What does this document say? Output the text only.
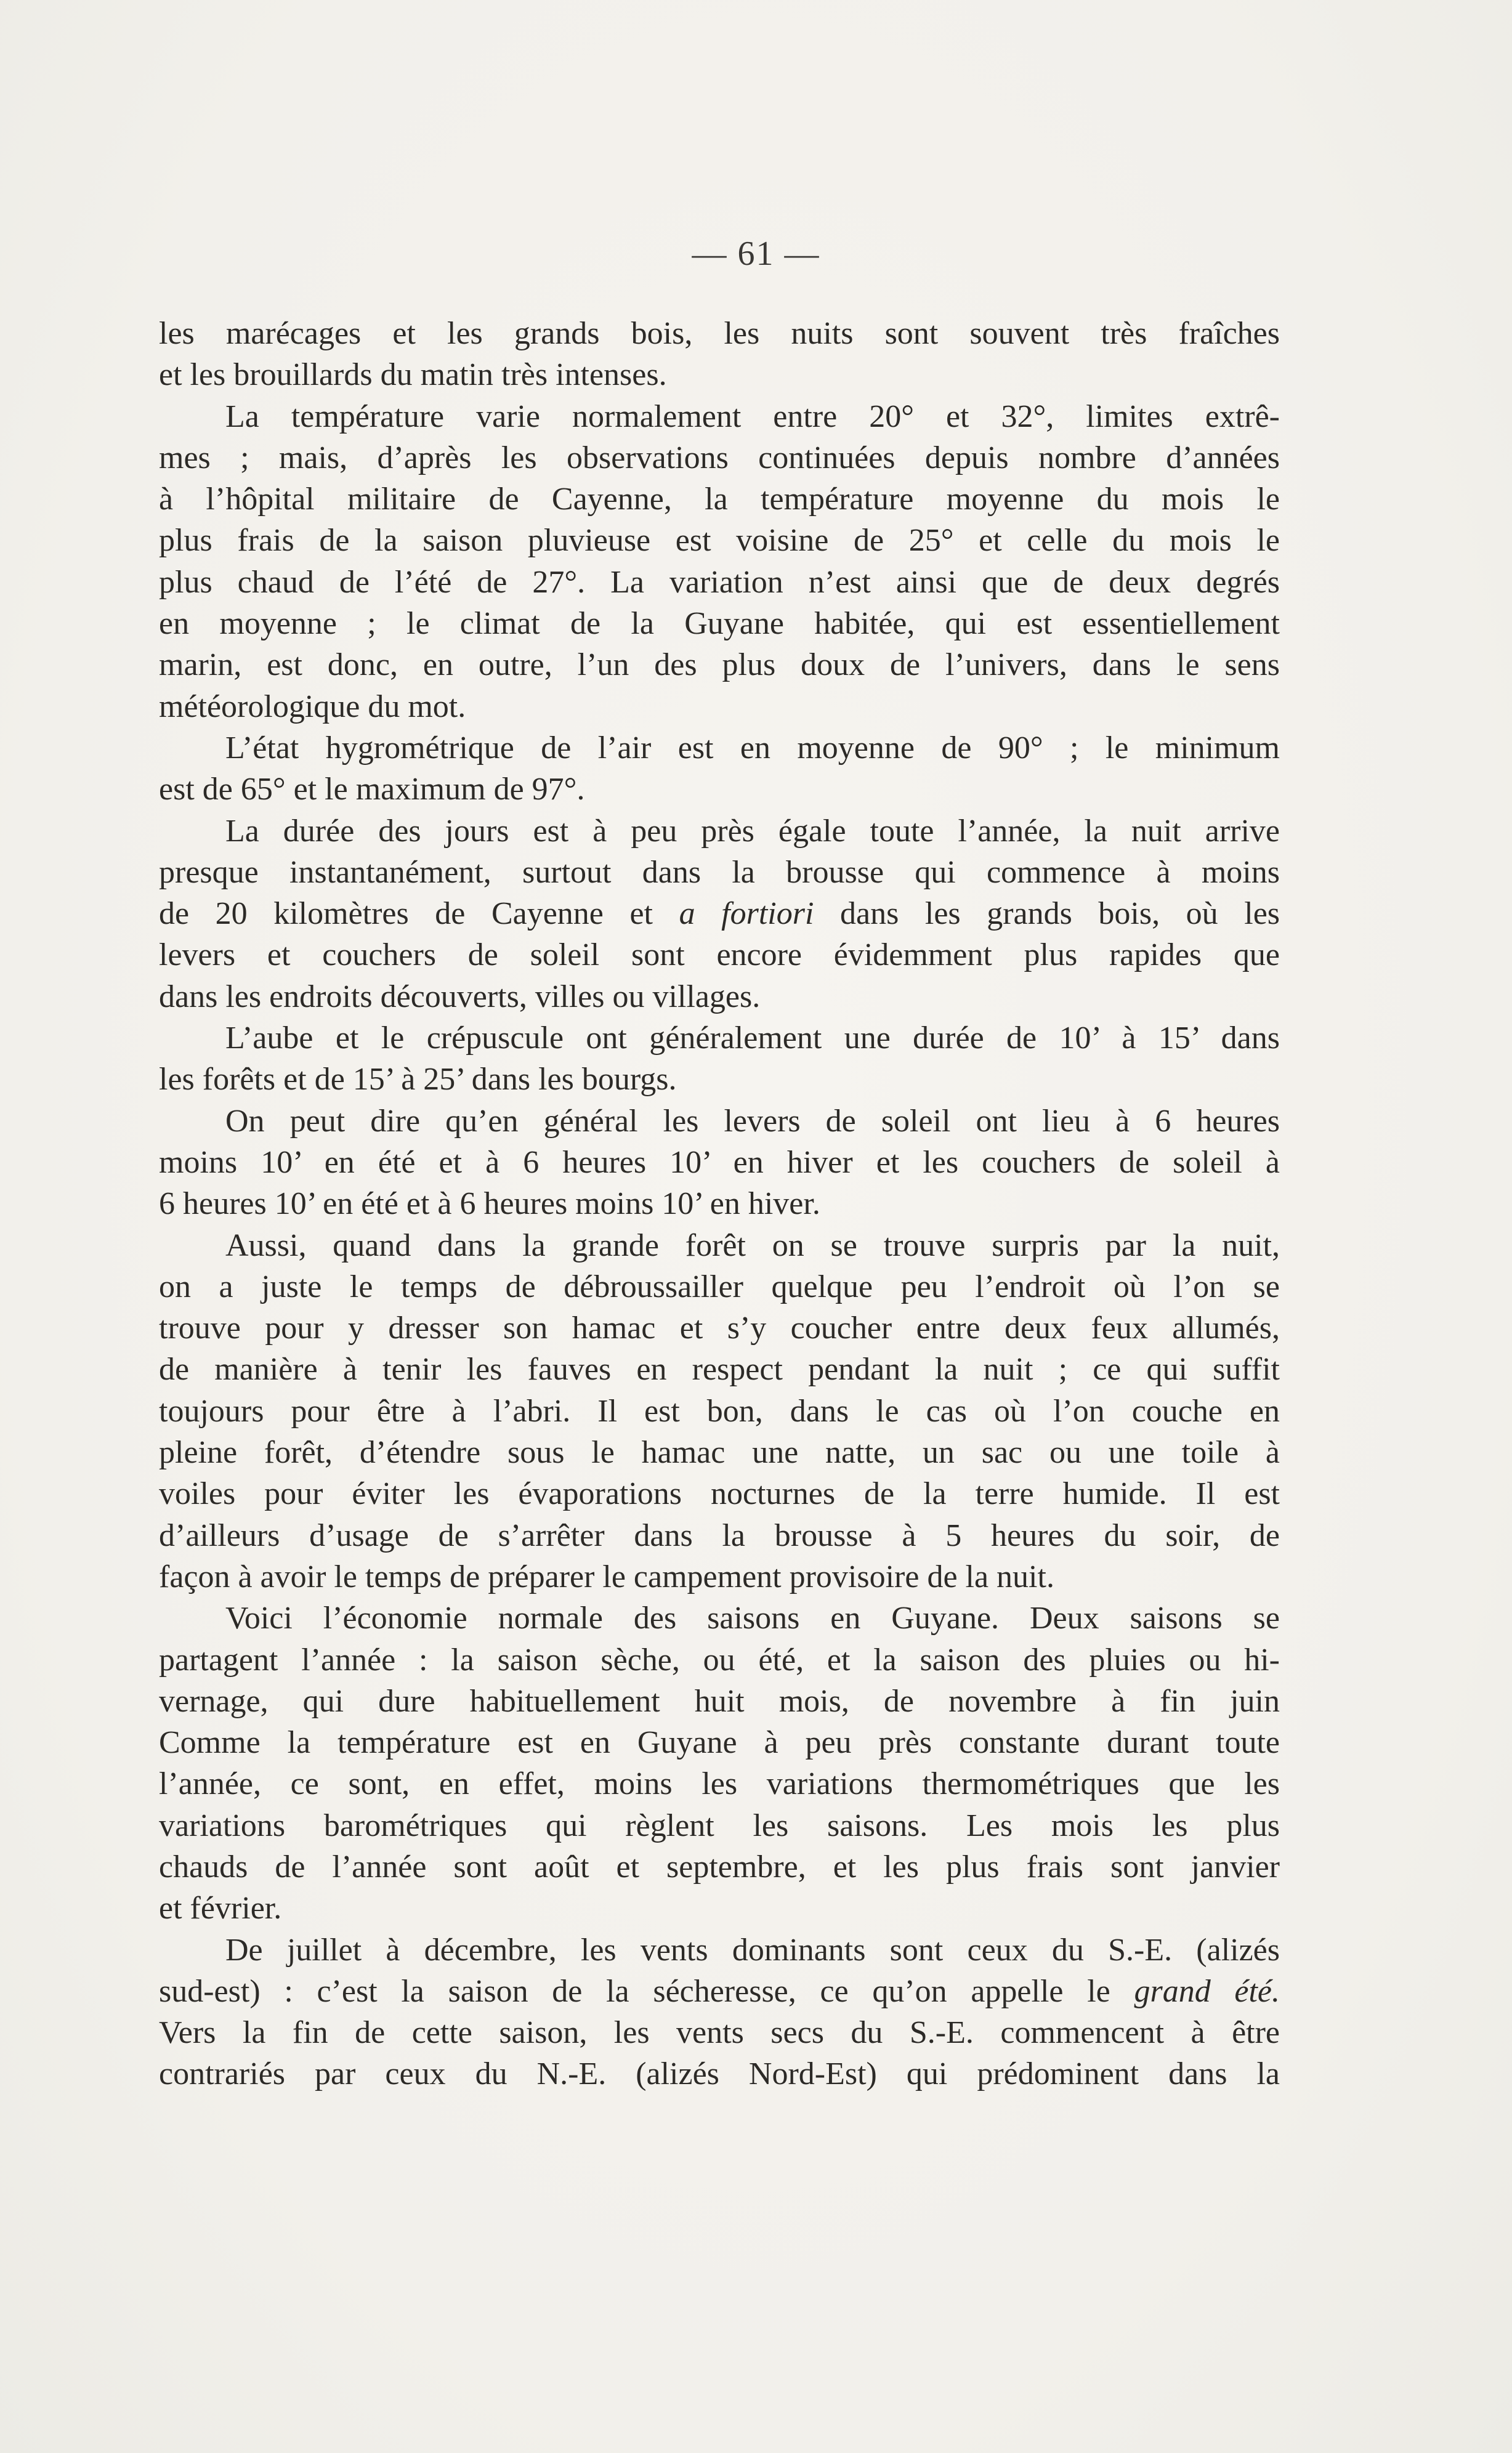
— 61 —
les marécages et les grands bois, les nuits sont souvent très fraîches
et les brouillards du matin très intenses.
La température varie normalement entre 20° et 32°, limites extrê-
mes ; mais, d’après les observations continuées depuis nombre d’années
à l’hôpital militaire de Cayenne, la température moyenne du mois le
plus frais de la saison pluvieuse est voisine de 25° et celle du mois le
plus chaud de l’été de 27°. La variation n’est ainsi que de deux degrés
en moyenne ; le climat de la Guyane habitée, qui est essentiellement
marin, est donc, en outre, l’un des plus doux de l’univers, dans le sens
météorologique du mot.
L’état hygrométrique de l’air est en moyenne de 90° ; le minimum
est de 65° et le maximum de 97°.
La durée des jours est à peu près égale toute l’année, la nuit arrive
presque instantanément, surtout dans la brousse qui commence à moins
de 20 kilomètres de Cayenne et a fortiori dans les grands bois, où les
levers et couchers de soleil sont encore évidemment plus rapides que
dans les endroits découverts, villes ou villages.
L’aube et le crépuscule ont généralement une durée de 10’ à 15’ dans
les forêts et de 15’ à 25’ dans les bourgs.
On peut dire qu’en général les levers de soleil ont lieu à 6 heures
moins 10’ en été et à 6 heures 10’ en hiver et les couchers de soleil à
6 heures 10’ en été et à 6 heures moins 10’ en hiver.
Aussi, quand dans la grande forêt on se trouve surpris par la nuit,
on a juste le temps de débroussailler quelque peu l’endroit où l’on se
trouve pour y dresser son hamac et s’y coucher entre deux feux allumés,
de manière à tenir les fauves en respect pendant la nuit ; ce qui suffit
toujours pour être à l’abri. Il est bon, dans le cas où l’on couche en
pleine forêt, d’étendre sous le hamac une natte, un sac ou une toile à
voiles pour éviter les évaporations nocturnes de la terre humide. Il est
d’ailleurs d’usage de s’arrêter dans la brousse à 5 heures du soir, de
façon à avoir le temps de préparer le campement provisoire de la nuit.
Voici l’économie normale des saisons en Guyane. Deux saisons se
partagent l’année : la saison sèche, ou été, et la saison des pluies ou hi-
vernage, qui dure habituellement huit mois, de novembre à fin juin
Comme la température est en Guyane à peu près constante durant toute
l’année, ce sont, en effet, moins les variations thermométriques que les
variations barométriques qui règlent les saisons. Les mois les plus
chauds de l’année sont août et septembre, et les plus frais sont janvier
et février.
De juillet à décembre, les vents dominants sont ceux du S.-E. (alizés
sud-est) : c’est la saison de la sécheresse, ce qu’on appelle le grand été.
Vers la fin de cette saison, les vents secs du S.-E. commencent à être
contrariés par ceux du N.-E. (alizés Nord-Est) qui prédominent dans la
